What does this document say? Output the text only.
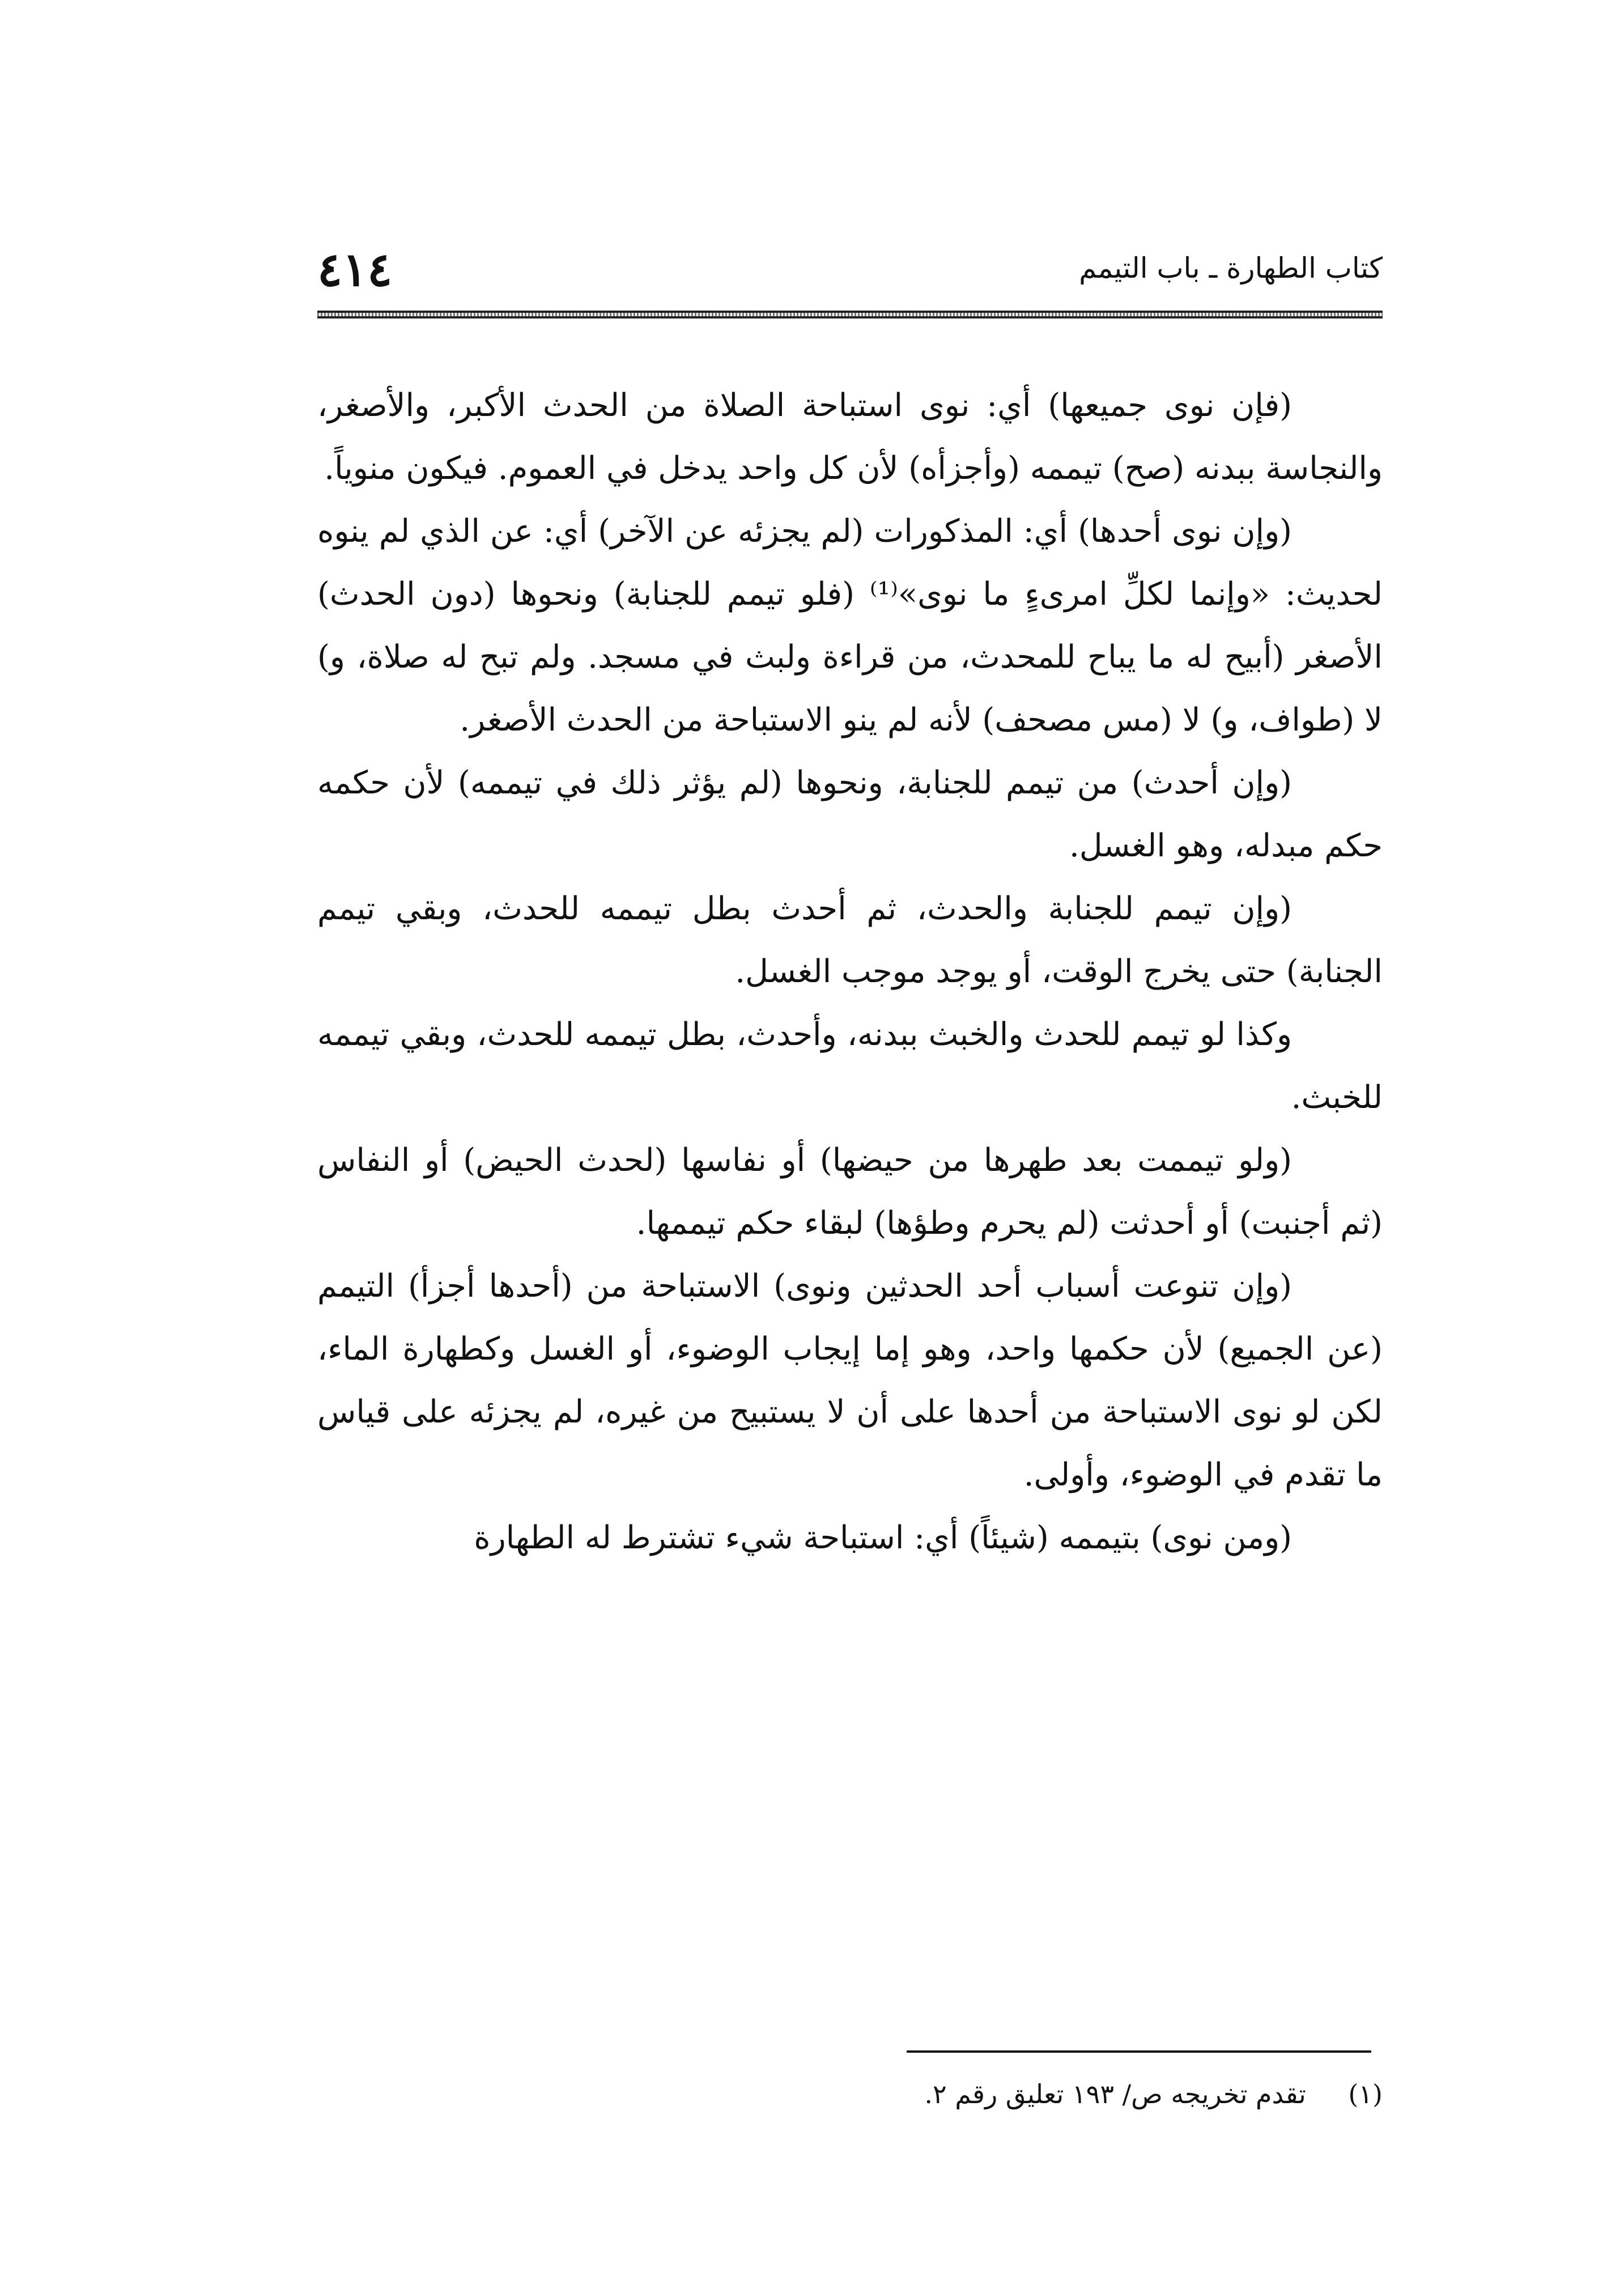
كتاب الطهارة ـ باب التيمم
٤١٤

(فإن نوى جميعها) أي: نوى استباحة الصلاة من الحدث الأكبر، والأصغر، والنجاسة ببدنه (صح) تيممه (وأجزأه) لأن كل واحد يدخل في العموم. فيكون منوياً.

(وإن نوى أحدها) أي: المذكورات (لم يجزئه عن الآخر) أي: عن الذي لم ينوه لحديث: «وإنما لكلِّ امرىءٍ ما نوى»⁽¹⁾ (فلو تيمم للجنابة) ونحوها (دون الحدث) الأصغر (أبيح له ما يباح للمحدث، من قراءة ولبث في مسجد. ولم تبح له صلاة، و) لا (طواف، و) لا (مس مصحف) لأنه لم ينو الاستباحة من الحدث الأصغر.

(وإن أحدث) من تيمم للجنابة، ونحوها (لم يؤثر ذلك في تيممه) لأن حكمه حكم مبدله، وهو الغسل.

(وإن تيمم للجنابة والحدث، ثم أحدث بطل تيممه للحدث، وبقي تيمم الجنابة) حتى يخرج الوقت، أو يوجد موجب الغسل.

وكذا لو تيمم للحدث والخبث ببدنه، وأحدث، بطل تيممه للحدث، وبقي تيممه للخبث.

(ولو تيممت بعد طهرها من حيضها) أو نفاسها (لحدث الحيض) أو النفاس (ثم أجنبت) أو أحدثت (لم يحرم وطؤها) لبقاء حكم تيممها.

(وإن تنوعت أسباب أحد الحدثين ونوى) الاستباحة من (أحدها أجزأ) التيمم (عن الجميع) لأن حكمها واحد، وهو إما إيجاب الوضوء، أو الغسل وكطهارة الماء، لكن لو نوى الاستباحة من أحدها على أن لا يستبيح من غيره، لم يجزئه على قياس ما تقدم في الوضوء، وأولى.

(ومن نوى) بتيممه (شيئاً) أي: استباحة شيء تشترط له الطهارة

(١) تقدم تخريجه ص/ ١٩٣ تعليق رقم ٢.
